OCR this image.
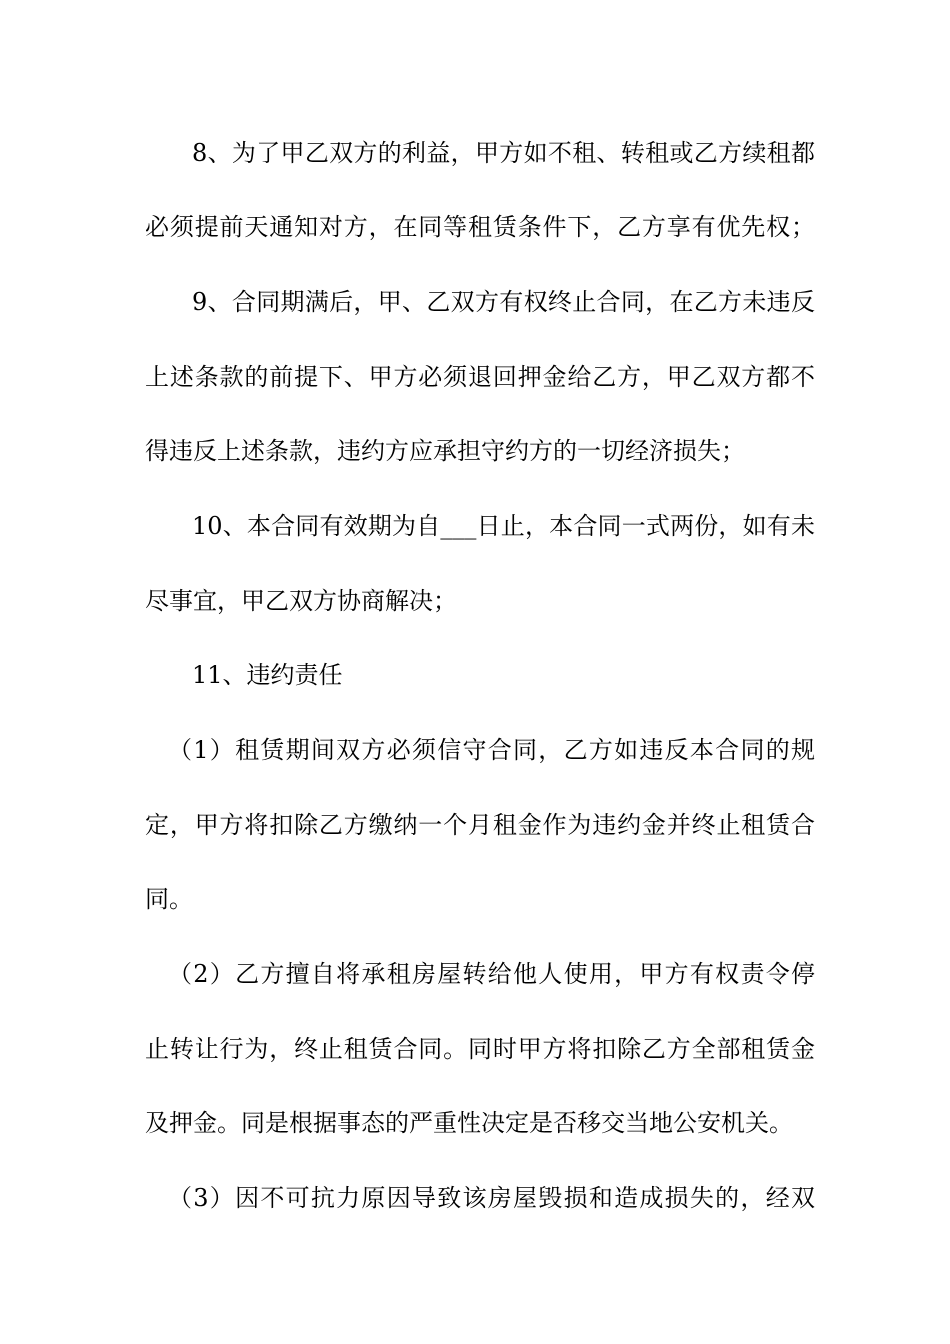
8、为了甲乙双方的利益，甲方如不租、转租或乙方续租都
必须提前天通知对方，在同等租赁条件下，乙方享有优先权；
9、合同期满后，甲、乙双方有权终止合同，在乙方未违反
上述条款的前提下、甲方必须退回押金给乙方，甲乙双方都不
得违反上述条款，违约方应承担守约方的一切经济损失；
10、本合同有效期为自___日止，本合同一式两份，如有未
尽事宜，甲乙双方协商解决；
11、违约责任
（1）租赁期间双方必须信守合同，乙方如违反本合同的规
定，甲方将扣除乙方缴纳一个月租金作为违约金并终止租赁合
同。
（2）乙方擅自将承租房屋转给他人使用，甲方有权责令停
止转让行为，终止租赁合同。同时甲方将扣除乙方全部租赁金
及押金。同是根据事态的严重性决定是否移交当地公安机关。
（3）因不可抗力原因导致该房屋毁损和造成损失的，经双
